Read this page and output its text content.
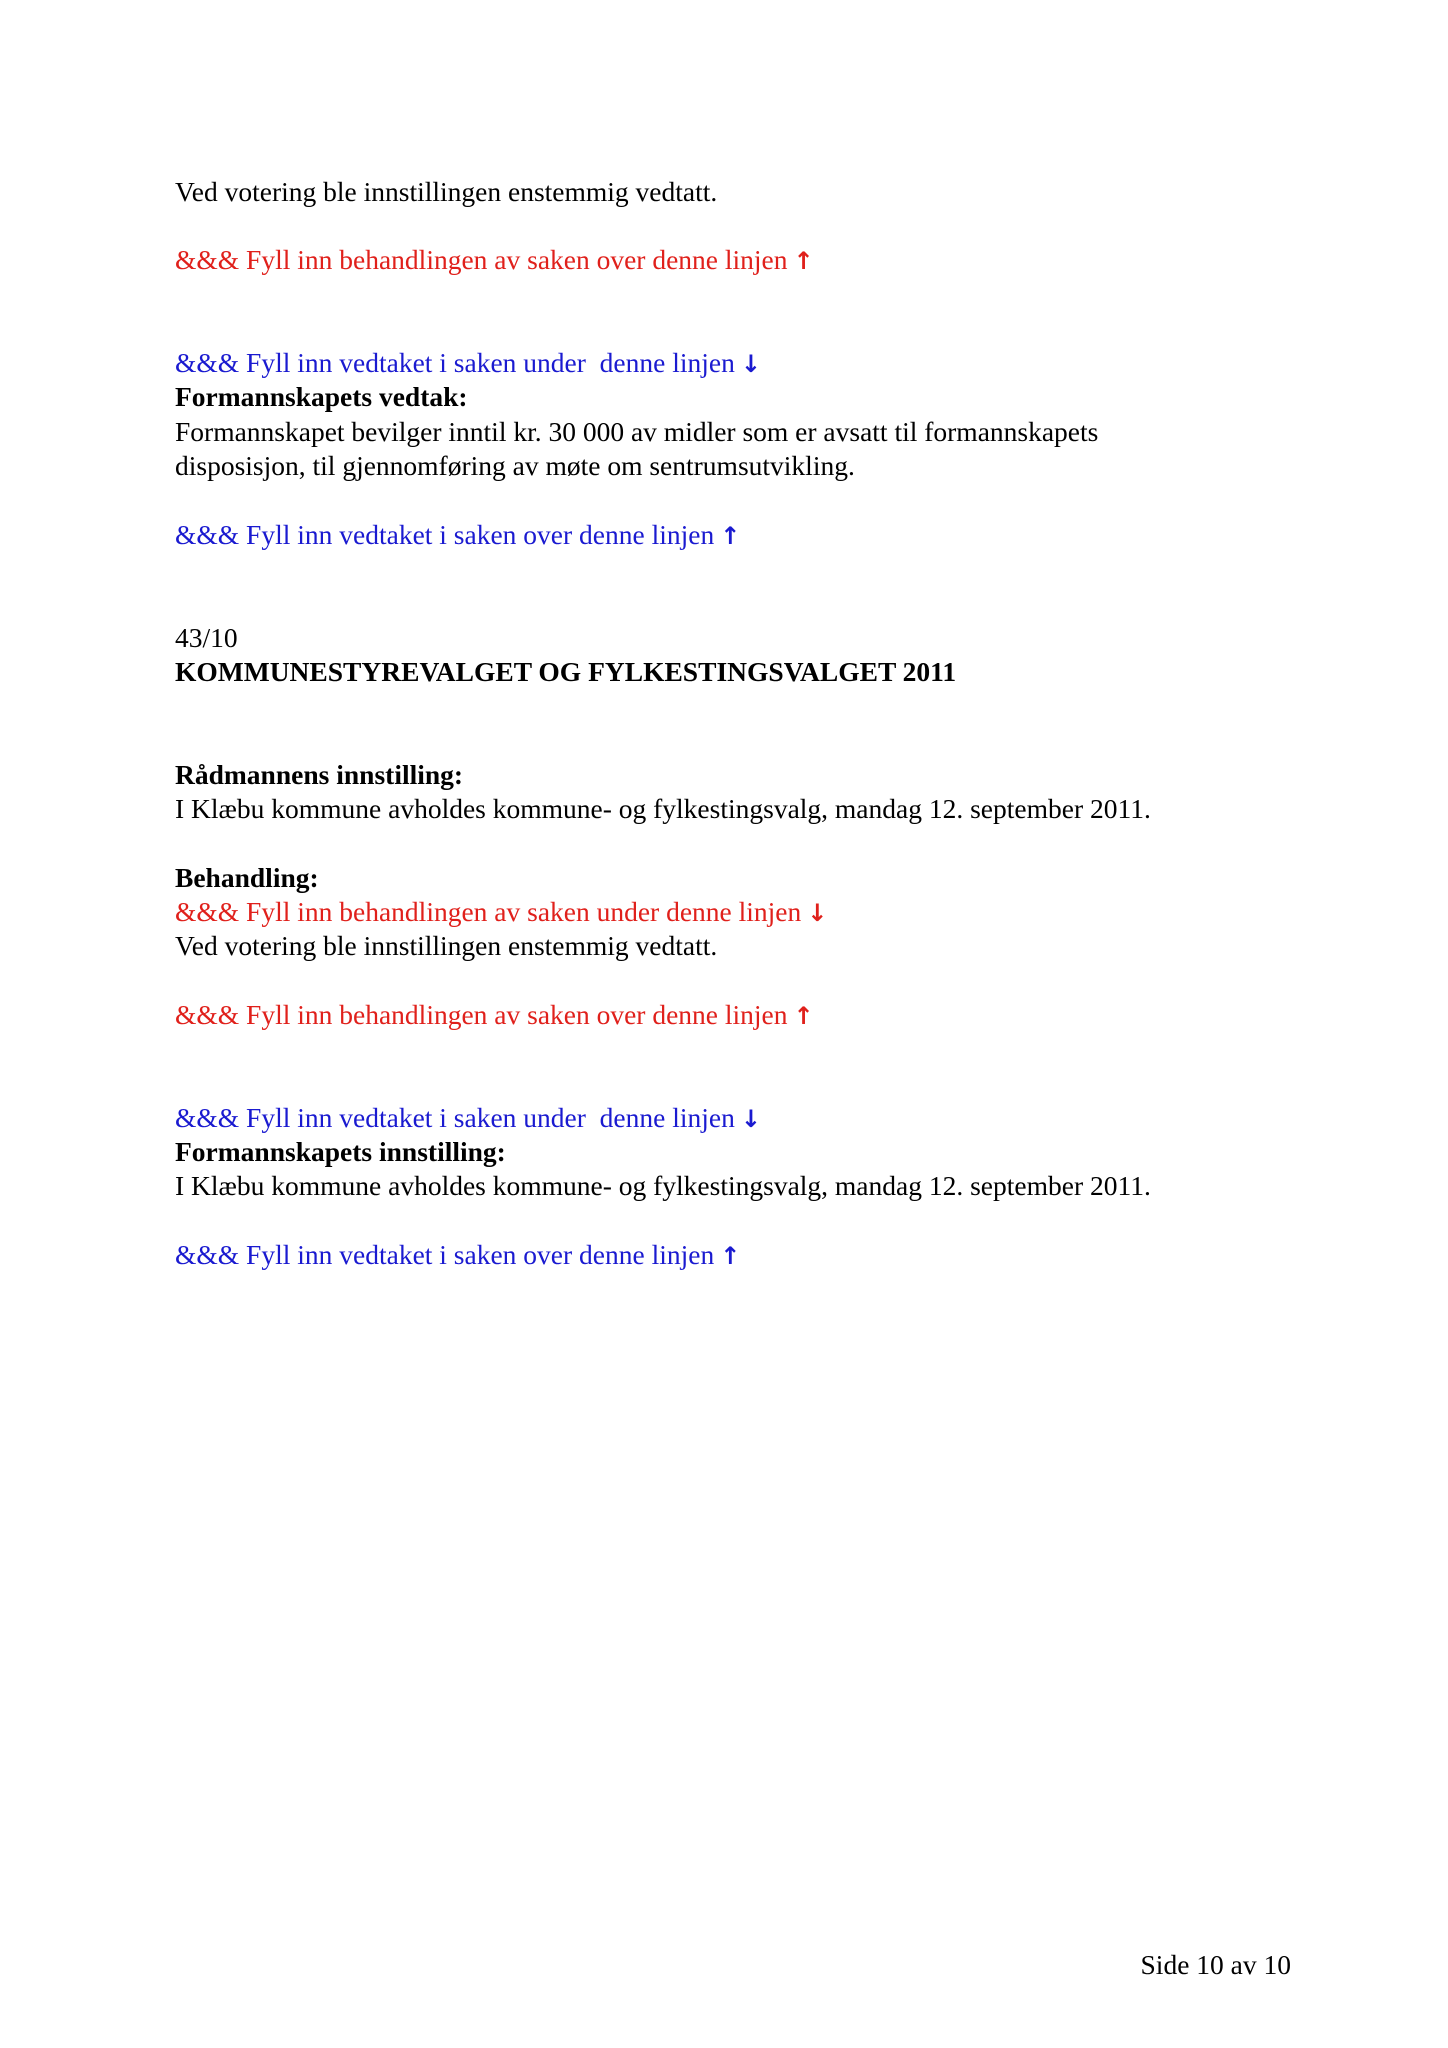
Ved votering ble innstillingen enstemmig vedtatt.
&&& Fyll inn behandlingen av saken over denne linjen ↑
&&& Fyll inn vedtaket i saken under  denne linjen ↓
Formannskapets vedtak:
Formannskapet bevilger inntil kr. 30 000 av midler som er avsatt til formannskapets
disposisjon, til gjennomføring av møte om sentrumsutvikling.
&&& Fyll inn vedtaket i saken over denne linjen ↑
43/10
KOMMUNESTYREVALGET OG FYLKESTINGSVALGET 2011
Rådmannens innstilling:
I Klæbu kommune avholdes kommune- og fylkestingsvalg, mandag 12. september 2011.
Behandling:
&&& Fyll inn behandlingen av saken under denne linjen ↓
Ved votering ble innstillingen enstemmig vedtatt.
&&& Fyll inn behandlingen av saken over denne linjen ↑
&&& Fyll inn vedtaket i saken under  denne linjen ↓
Formannskapets innstilling:
I Klæbu kommune avholdes kommune- og fylkestingsvalg, mandag 12. september 2011.
&&& Fyll inn vedtaket i saken over denne linjen ↑
Side 10 av 10
